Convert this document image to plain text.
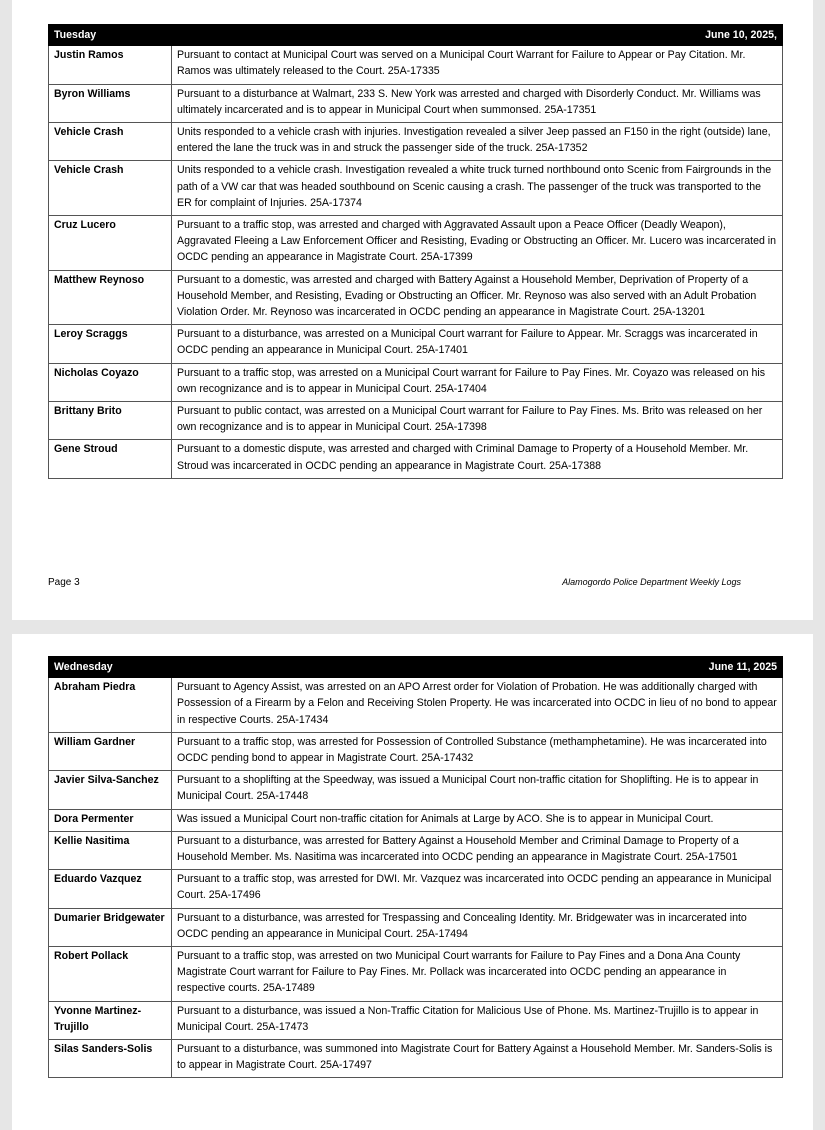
Tuesday	June 10, 2025,
Justin Ramos	Pursuant to contact at Municipal Court was served on a Municipal Court Warrant for Failure to Appear or Pay Citation. Mr. Ramos was ultimately released to the Court. 25A-17335
Byron Williams	Pursuant to a disturbance at Walmart, 233 S. New York was arrested and charged with Disorderly Conduct. Mr. Williams was ultimately incarcerated and is to appear in Municipal Court when summonsed. 25A-17351
Vehicle Crash	Units responded to a vehicle crash with injuries. Investigation revealed a silver Jeep passed an F150 in the right (outside) lane, entered the lane the truck was in and struck the passenger side of the truck. 25A-17352
Vehicle Crash	Units responded to a vehicle crash. Investigation revealed a white truck turned northbound onto Scenic from Fairgrounds in the path of a VW car that was headed southbound on Scenic causing a crash. The passenger of the truck was transported to the ER for complaint of Injuries. 25A-17374
Cruz Lucero	Pursuant to a traffic stop, was arrested and charged with Aggravated Assault upon a Peace Officer (Deadly Weapon), Aggravated Fleeing a Law Enforcement Officer and Resisting, Evading or Obstructing an Officer. Mr. Lucero was incarcerated in OCDC pending an appearance in Magistrate Court. 25A-17399
Matthew Reynoso	Pursuant to a domestic, was arrested and charged with Battery Against a Household Member, Deprivation of Property of a Household Member, and Resisting, Evading or Obstructing an Officer. Mr. Reynoso was also served with an Adult Probation Violation Order. Mr. Reynoso was incarcerated in OCDC pending an appearance in Magistrate Court. 25A-13201
Leroy Scraggs	Pursuant to a disturbance, was arrested on a Municipal Court warrant for Failure to Appear. Mr. Scraggs was incarcerated in OCDC pending an appearance in Municipal Court. 25A-17401
Nicholas Coyazo	Pursuant to a traffic stop, was arrested on a Municipal Court warrant for Failure to Pay Fines. Mr. Coyazo was released on his own recognizance and is to appear in Municipal Court. 25A-17404
Brittany Brito	Pursuant to public contact, was arrested on a Municipal Court warrant for Failure to Pay Fines. Ms. Brito was released on her own recognizance and is to appear in Municipal Court. 25A-17398
Gene Stroud	Pursuant to a domestic dispute, was arrested and charged with Criminal Damage to Property of a Household Member. Mr. Stroud was incarcerated in OCDC pending an appearance in Magistrate Court. 25A-17388
Page 3	Alamogordo Police Department Weekly Logs
Wednesday	June 11, 2025
Abraham Piedra	Pursuant to Agency Assist, was arrested on an APO Arrest order for Violation of Probation. He was additionally charged with Possession of a Firearm by a Felon and Receiving Stolen Property. He was incarcerated into OCDC in lieu of no bond to appear in respective Courts. 25A-17434
William Gardner	Pursuant to a traffic stop, was arrested for Possession of Controlled Substance (methamphetamine). He was incarcerated into OCDC pending bond to appear in Magistrate Court. 25A-17432
Javier Silva-Sanchez	Pursuant to a shoplifting at the Speedway, was issued a Municipal Court non-traffic citation for Shoplifting. He is to appear in Municipal Court. 25A-17448
Dora Permenter	Was issued a Municipal Court non-traffic citation for Animals at Large by ACO. She is to appear in Municipal Court.
Kellie Nasitima	Pursuant to a disturbance, was arrested for Battery Against a Household Member and Criminal Damage to Property of a Household Member. Ms. Nasitima was incarcerated into OCDC pending an appearance in Magistrate Court. 25A-17501
Eduardo Vazquez	Pursuant to a traffic stop, was arrested for DWI. Mr. Vazquez was incarcerated into OCDC pending an appearance in Municipal Court. 25A-17496
Dumarier Bridgewater	Pursuant to a disturbance, was arrested for Trespassing and Concealing Identity. Mr. Bridgewater was in incarcerated into OCDC pending an appearance in Municipal Court. 25A-17494
Robert Pollack	Pursuant to a traffic stop, was arrested on two Municipal Court warrants for Failure to Pay Fines and a Dona Ana County Magistrate Court warrant for Failure to Pay Fines. Mr. Pollack was incarcerated into OCDC pending an appearance in respective courts. 25A-17489
Yvonne Martinez-Trujillo	Pursuant to a disturbance, was issued a Non-Traffic Citation for Malicious Use of Phone. Ms. Martinez-Trujillo is to appear in Municipal Court. 25A-17473
Silas Sanders-Solis	Pursuant to a disturbance, was summoned into Magistrate Court for Battery Against a Household Member. Mr. Sanders-Solis is to appear in Magistrate Court. 25A-17497
